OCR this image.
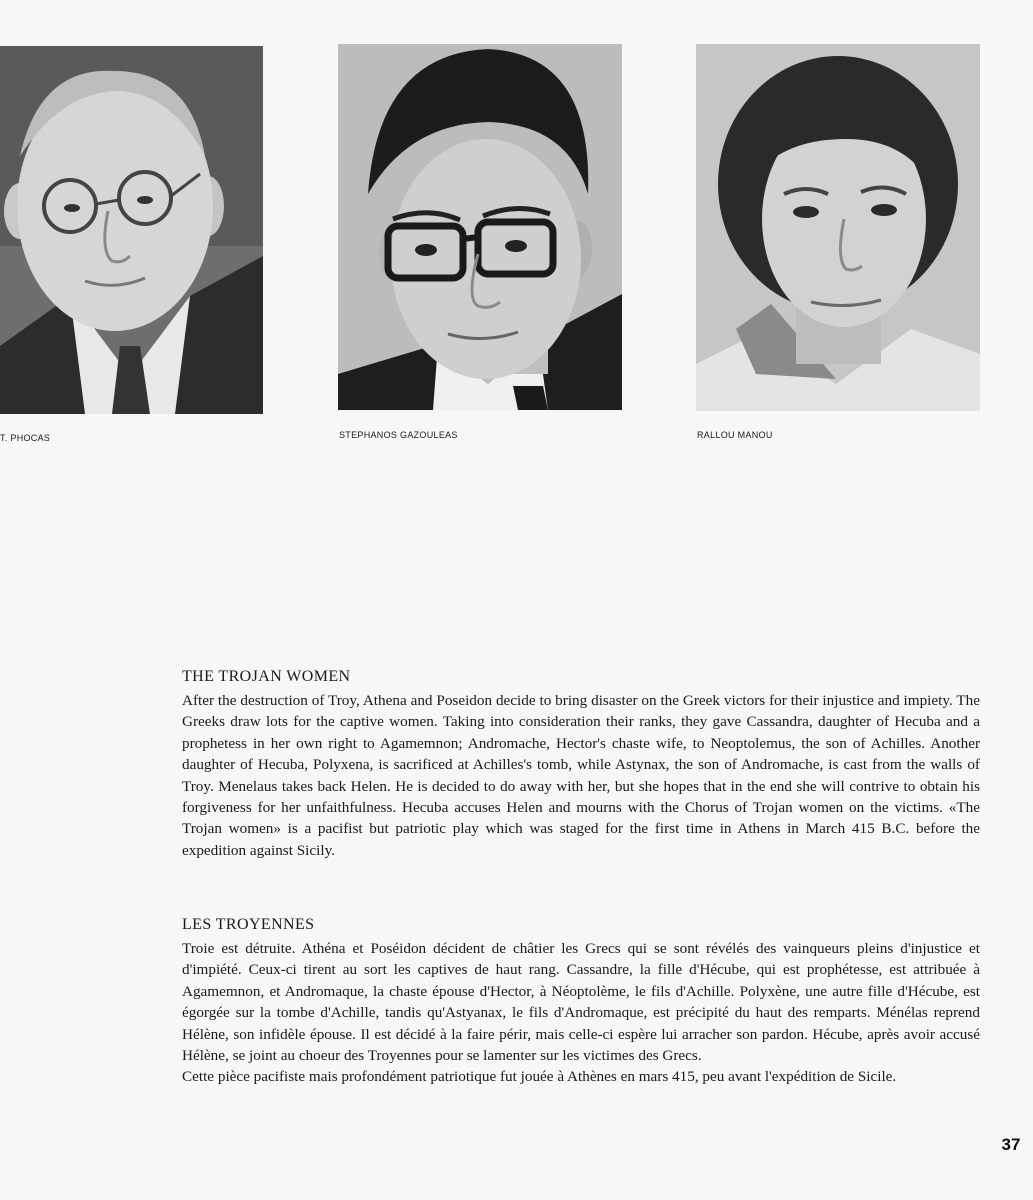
T. PHOCAS	STEPHANOS GAZOULEAS	RALLOU MANOU
THE TROJAN WOMEN

After the destruction of Troy, Athena and Poseidon decide to bring disaster on the Greek victors for their injustice and impiety. The Greeks draw lots for the captive women. Taking into consideration their ranks, they gave Cassandra, daughter of Hecuba and a prophetess in her own right to Agamemnon; Andromache, Hector's chaste wife, to Neoptolemus, the son of Achilles. Another daughter of Hecuba, Polyxena, is sacrificed at Achilles's tomb, while Astynax, the son of Andromache, is cast from the walls of Troy. Menelaus takes back Helen. He is decided to do away with her, but she hopes that in the end she will contrive to obtain his forgiveness for her unfaithfulness. Hecuba accuses Helen and mourns with the Chorus of Trojan women on the victims. «The Trojan women» is a pacifist but patriotic play which was staged for the first time in Athens in March 415 B.C. before the expedition against Sicily.

LES TROYENNES

Troie est détruite. Athéna et Poséidon décident de châtier les Grecs qui se sont révélés des vainqueurs pleins d'injustice et d'impiété. Ceux-ci tirent au sort les captives de haut rang. Cassandre, la fille d'Hécube, qui est prophétesse, est attribuée à Agamemnon, et Andromaque, la chaste épouse d'Hector, à Néoptolème, le fils d'Achille. Polyxène, une autre fille d'Hécube, est égorgée sur la tombe d'Achille, tandis qu'Astyanax, le fils d'Andromaque, est précipité du haut des remparts. Ménélas reprend Hélène, son infidèle épouse. Il est décidé à la faire périr, mais celle-ci espère lui arracher son pardon. Hécube, après avoir accusé Hélène, se joint au choeur des Troyennes pour se lamenter sur les victimes des Grecs.

Cette pièce pacifiste mais profondément patriotique fut jouée à Athènes en mars 415, peu avant l'expédition de Sicile.

37
